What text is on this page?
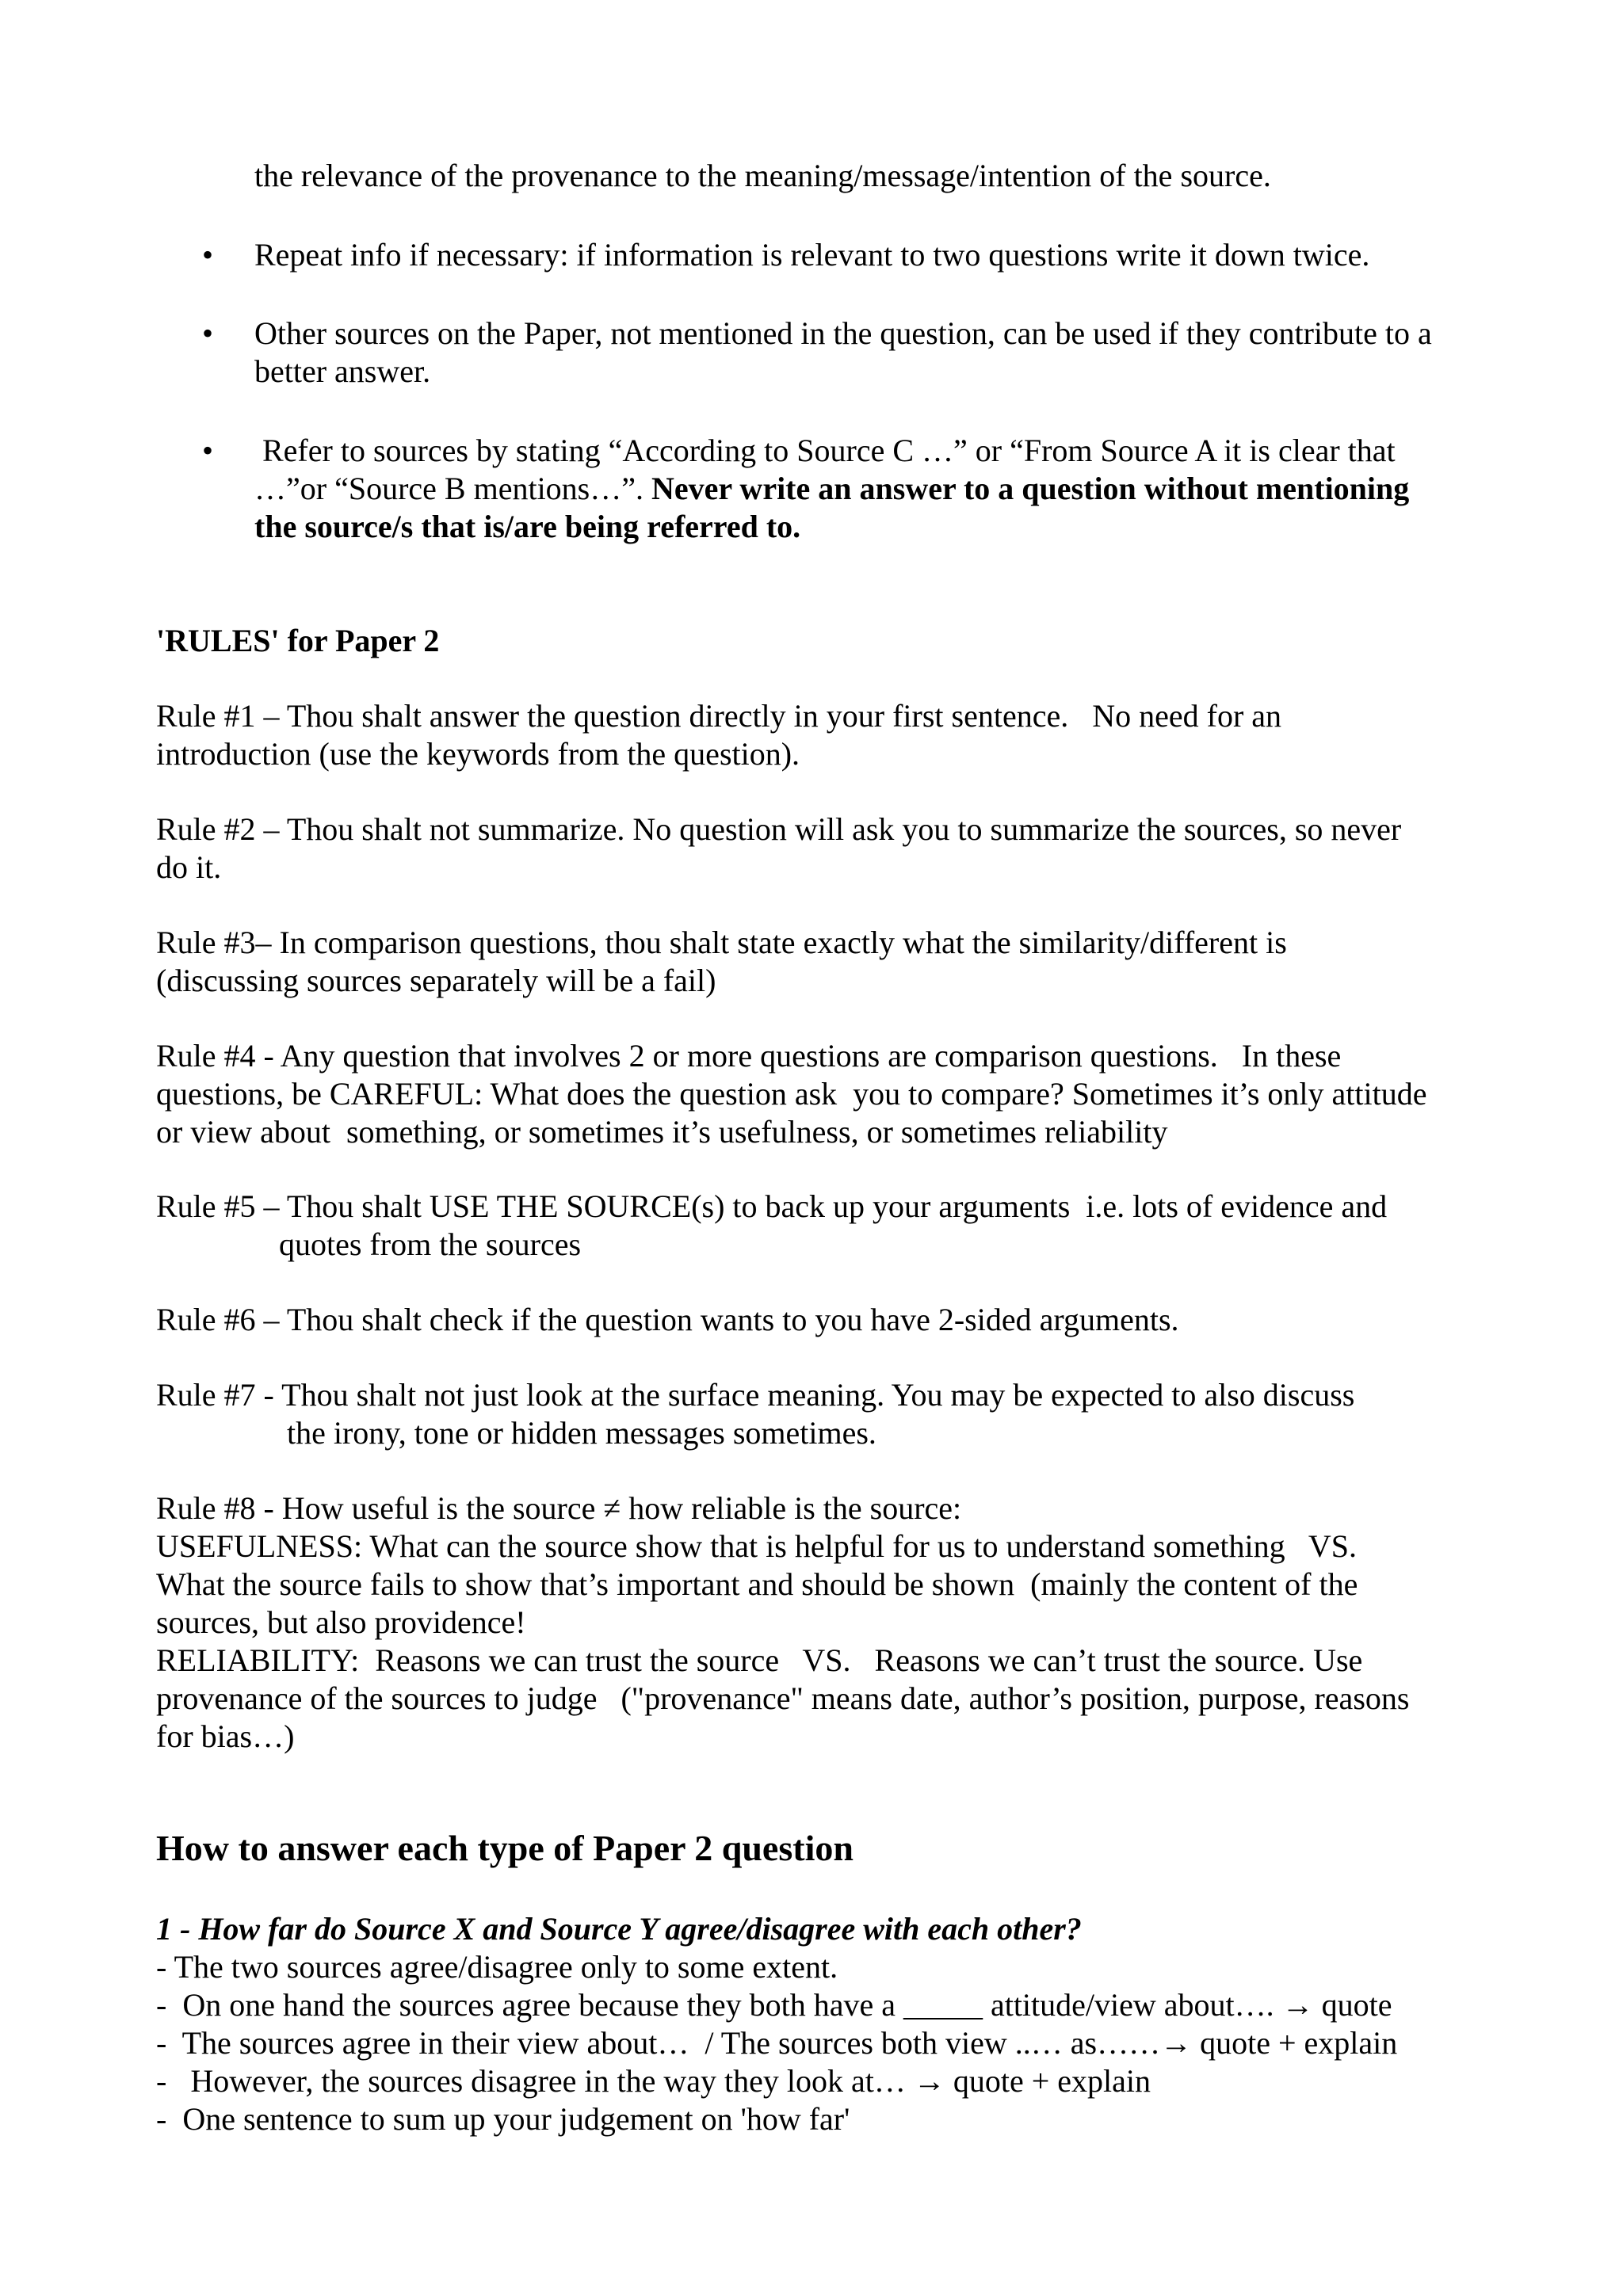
the relevance of the provenance to the meaning/message/intention of the source.
• Repeat info if necessary: if information is relevant to two questions write it down twice.
• Other sources on the Paper, not mentioned in the question, can be used if they contribute to a
better answer.
• Refer to sources by stating “According to Source C …” or “From Source A it is clear that
…”or “Source B mentions…”. Never write an answer to a question without mentioning
the source/s that is/are being referred to.
'RULES' for Paper 2
Rule #1 – Thou shalt answer the question directly in your first sentence.   No need for an
introduction (use the keywords from the question).
Rule #2 – Thou shalt not summarize. No question will ask you to summarize the sources, so never
do it.
Rule #3– In comparison questions, thou shalt state exactly what the similarity/different is
(discussing sources separately will be a fail)
Rule #4 - Any question that involves 2 or more questions are comparison questions.   In these
questions, be CAREFUL: What does the question ask  you to compare? Sometimes it’s only attitude
or view about  something, or sometimes it’s usefulness, or sometimes reliability
Rule #5 – Thou shalt USE THE SOURCE(s) to back up your arguments  i.e. lots of evidence and
quotes from the sources
Rule #6 – Thou shalt check if the question wants to you have 2-sided arguments.
Rule #7 - Thou shalt not just look at the surface meaning. You may be expected to also discuss
the irony, tone or hidden messages sometimes.
Rule #8 - How useful is the source ≠ how reliable is the source:
USEFULNESS: What can the source show that is helpful for us to understand something   VS.
What the source fails to show that’s important and should be shown  (mainly the content of the
sources, but also providence!
RELIABILITY:  Reasons we can trust the source   VS.   Reasons we can’t trust the source. Use
provenance of the sources to judge   ("provenance" means date, author’s position, purpose, reasons
for bias…)
How to answer each type of Paper 2 question
1 - How far do Source X and Source Y agree/disagree with each other?
- The two sources agree/disagree only to some extent.
-  On one hand the sources agree because they both have a _____ attitude/view about…. → quote
-  The sources agree in their view about…  / The sources both view ..… as……→ quote + explain
-   However, the sources disagree in the way they look at… → quote + explain
-  One sentence to sum up your judgement on 'how far'
